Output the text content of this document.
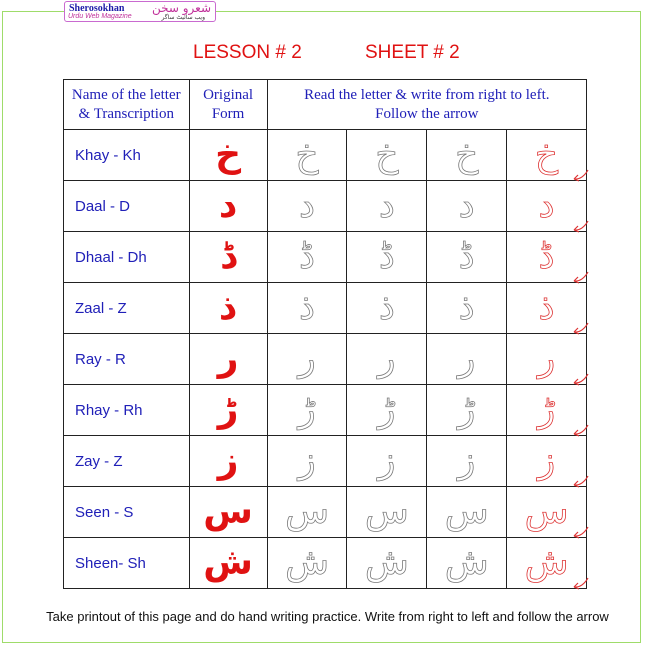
Sherosokhan
Urdu Web Magazine
شعرو سخن
ویب سائیٹ ساگر
LESSON # 2	SHEET # 2
Name of the letter
& Transcription	Original
Form	Read the letter & write from right to left.
Follow the arrow			
Khay - Kh	خ	خ	خ	خ	خ

Daal - D	د	د	د	د	د

Dhaal - Dh	ڈ	ڈ	ڈ	ڈ	ڈ

Zaal - Z	ذ	ذ	ذ	ذ	ذ

Ray - R	ر	ر	ر	ر	ر

Rhay - Rh	ڑ	ڑ	ڑ	ڑ	ڑ

Zay - Z	ز	ز	ز	ز	ز

Seen - S	س	س	س	س	س

Sheen- Sh	ش	ش	ش	ش	ش
Take printout of this page and do hand writing practice. Write from right to left and follow the arrow
